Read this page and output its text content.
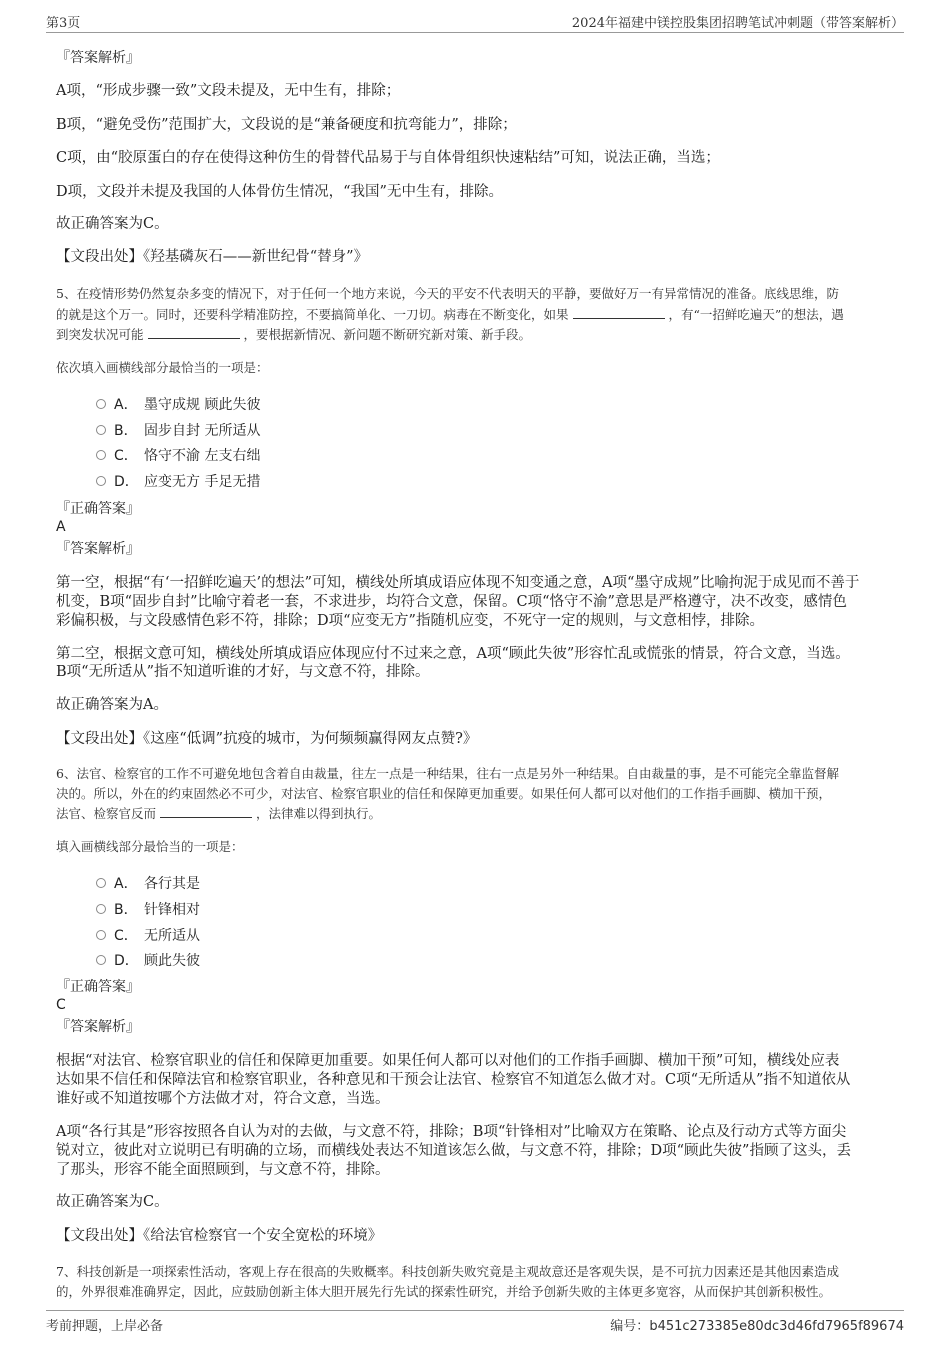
第3页	2024年福建中镁控股集团招聘笔试冲刺题（带答案解析）
『答案解析』
A项，“形成步骤一致”文段未提及，无中生有，排除；
B项，“避免受伤”范围扩大，文段说的是“兼备硬度和抗弯能力”，排除；
C项，由“胶原蛋白的存在使得这种仿生的骨替代品易于与自体骨组织快速粘结”可知，说法正确，当选；
D项，文段并未提及我国的人体骨仿生情况，“我国”无中生有，排除。
故正确答案为C。
【文段出处】《羟基磷灰石——新世纪骨“替身”》
5、在疫情形势仍然复杂多变的情况下，对于任何一个地方来说，今天的平安不代表明天的平静，要做好万一有异常情况的准备。底线思维，防
的就是这个万一。同时，还要科学精准防控，不要搞简单化、一刀切。病毒在不断变化，如果	，有“一招鲜吃遍天”的想法，遇
到突发状况可能	，要根据新情况、新问题不断研究新对策、新手段。
依次填入画横线部分最恰当的一项是：
A． 墨守成规 顾此失彼
B． 固步自封 无所适从
C． 恪守不渝 左支右绌
D． 应变无方 手足无措
『正确答案』
A
『答案解析』
第一空，根据“有‘一招鲜吃遍天’的想法”可知，横线处所填成语应体现不知变通之意，A项“墨守成规”比喻拘泥于成见而不善于
机变，B项“固步自封”比喻守着老一套，不求进步，均符合文意，保留。C项“恪守不渝”意思是严格遵守，决不改变，感情色
彩偏积极，与文段感情色彩不符，排除；D项“应变无方”指随机应变，不死守一定的规则，与文意相悖，排除。
第二空，根据文意可知，横线处所填成语应体现应付不过来之意，A项“顾此失彼”形容忙乱或慌张的情景，符合文意，当选。
B项“无所适从”指不知道听谁的才好，与文意不符，排除。
故正确答案为A。
【文段出处】《这座“低调”抗疫的城市，为何频频赢得网友点赞?》
6、法官、检察官的工作不可避免地包含着自由裁量，往左一点是一种结果，往右一点是另外一种结果。自由裁量的事，是不可能完全靠监督解
决的。所以，外在的约束固然必不可少，对法官、检察官职业的信任和保障更加重要。如果任何人都可以对他们的工作指手画脚、横加干预，
法官、检察官反而	，法律难以得到执行。
填入画横线部分最恰当的一项是：
A． 各行其是
B． 针锋相对
C． 无所适从
D． 顾此失彼
『正确答案』
C
『答案解析』
根据“对法官、检察官职业的信任和保障更加重要。如果任何人都可以对他们的工作指手画脚、横加干预”可知，横线处应表
达如果不信任和保障法官和检察官职业，各种意见和干预会让法官、检察官不知道怎么做才对。C项“无所适从”指不知道依从
谁好或不知道按哪个方法做才对，符合文意，当选。
A项“各行其是”形容按照各自认为对的去做，与文意不符，排除；B项“针锋相对”比喻双方在策略、论点及行动方式等方面尖
锐对立，彼此对立说明已有明确的立场，而横线处表达不知道该怎么做，与文意不符，排除；D项“顾此失彼”指顾了这头，丢
了那头，形容不能全面照顾到，与文意不符，排除。
故正确答案为C。
【文段出处】《给法官检察官一个安全宽松的环境》
7、科技创新是一项探索性活动，客观上存在很高的失败概率。科技创新失败究竟是主观故意还是客观失误，是不可抗力因素还是其他因素造成
的，外界很难准确界定，因此，应鼓励创新主体大胆开展先行先试的探索性研究，并给予创新失败的主体更多宽容，从而保护其创新积极性。
考前押题，上岸必备	编号：b451c273385e80dc3d46fd7965f89674
